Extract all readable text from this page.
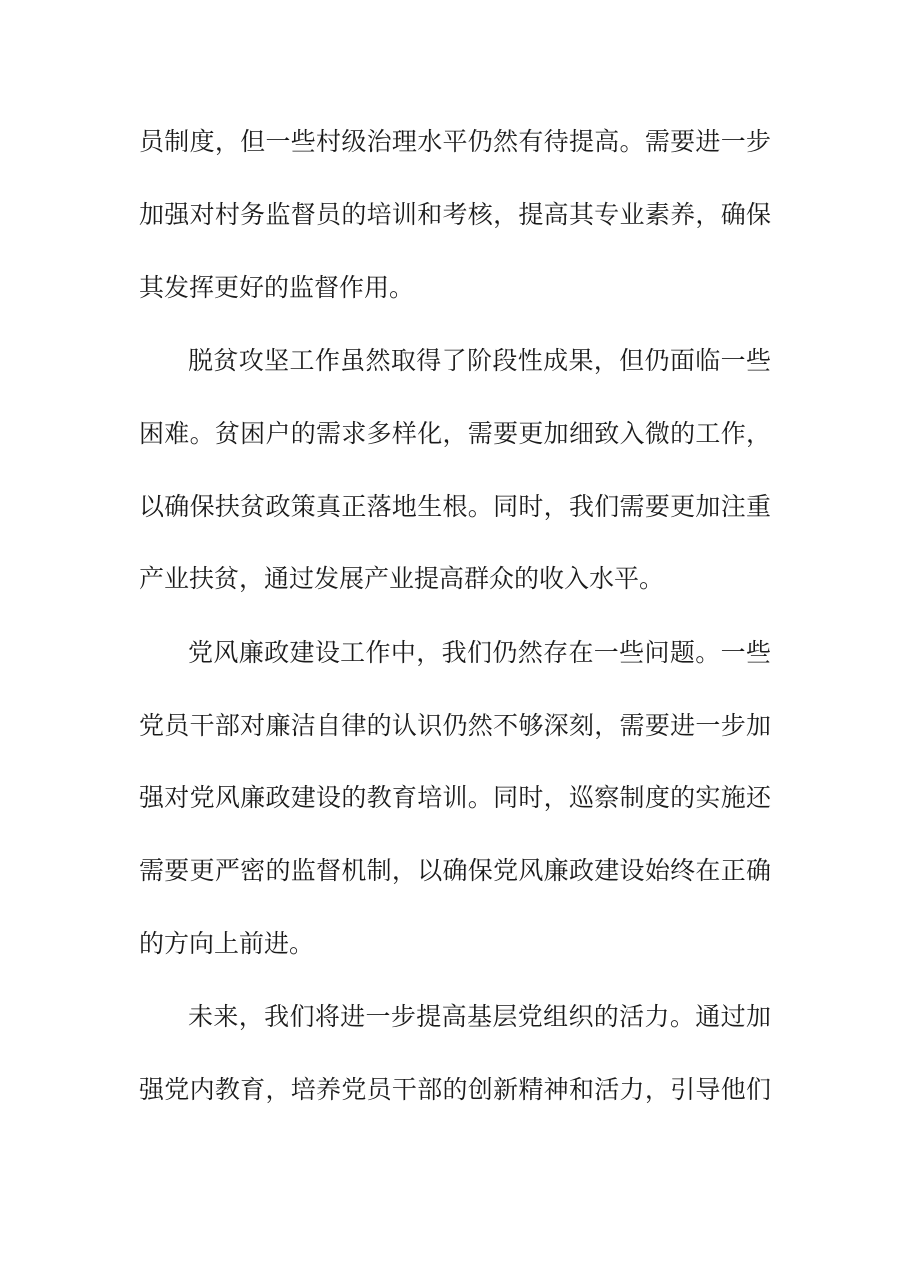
员制度，但一些村级治理水平仍然有待提高。需要进一步
加强对村务监督员的培训和考核，提高其专业素养，确保
其发挥更好的监督作用。
脱贫攻坚工作虽然取得了阶段性成果，但仍面临一些
困难。贫困户的需求多样化，需要更加细致入微的工作，
以确保扶贫政策真正落地生根。同时，我们需要更加注重
产业扶贫，通过发展产业提高群众的收入水平。
党风廉政建设工作中，我们仍然存在一些问题。一些
党员干部对廉洁自律的认识仍然不够深刻，需要进一步加
强对党风廉政建设的教育培训。同时，巡察制度的实施还
需要更严密的监督机制，以确保党风廉政建设始终在正确
的方向上前进。
未来，我们将进一步提高基层党组织的活力。通过加
强党内教育，培养党员干部的创新精神和活力，引导他们
